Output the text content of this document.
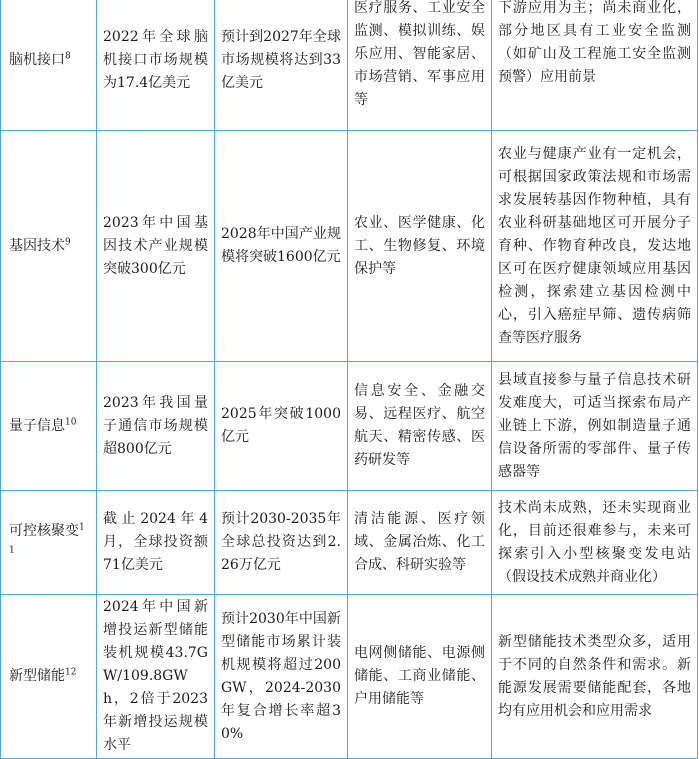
脑机接口$^8$	2022年全球脑机接口市场规模为17.4亿美元	预计到2027年全球市场规模将达到33亿美元	医疗服务、工业安全监测、模拟训练、娱乐应用、智能家居、市场营销、军事应用等	下游应用为主；尚未商业化，部分地区具有工业安全监测（如矿山及工程施工安全监测预警）应用前景
基因技术$^9$	2023年中国基因技术产业规模突破300亿元	2028年中国产业规模将突破1600亿元	农业、医学健康、化工、生物修复、环境保护等	农业与健康产业有一定机会，可根据国家政策法规和市场需求发展转基因作物种植，具有农业科研基础地区可开展分子育种、作物育种改良，发达地区可在医疗健康领域应用基因检测，探索建立基因检测中心，引入癌症早筛、遗传病筛查等医疗服务
量子信息$^{10}$	2023年我国量子通信市场规模超800亿元	2025年突破1000亿元	信息安全、金融交易、远程医疗、航空航天、精密传感、医药研发等	县域直接参与量子信息技术研发难度大，可适当探索布局产业链上下游，例如制造量子通信设备所需的零部件、量子传感器等
可控核聚变$^{11}$	截止2024年4月，全球投资额71亿美元	预计2030-2035年全球总投资达到2.26万亿元	清洁能源、医疗领域、金属冶炼、化工合成、科研实验等	技术尚未成熟，还未实现商业化，目前还很难参与，未来可探索引入小型核聚变发电站（假设技术成熟并商业化）
新型储能$^{12}$	2024年中国新增投运新型储能装机规模43.7GW/109.8GWh，2倍于2023年新增投运规模水平	预计2030年中国新型储能市场累计装机规模将超过200GW，2024-2030年复合增长率超30%	电网侧储能、电源侧储能、工商业储能、户用储能等	新型储能技术类型众多，适用于不同的自然条件和需求。新能源发展需要储能配套，各地均有应用机会和应用需求
